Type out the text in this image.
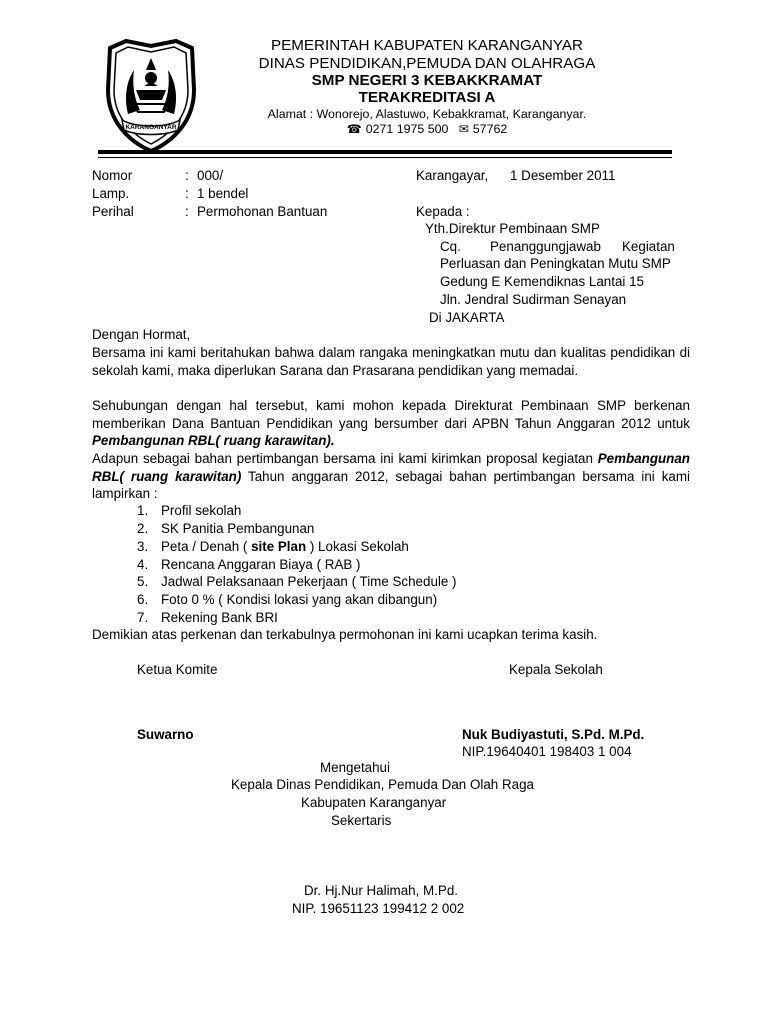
KARANGANYAR
PEMERINTAH KABUPATEN KARANGANYAR
DINAS PENDIDIKAN,PEMUDA DAN OLAHRAGA
SMP NEGERI 3 KEBAKKRAMAT
TERAKREDITASI A
Alamat : Wonorejo, Alastuwo, Kebakkramat, Karanganyar.
☎ 0271 1975 500 ✉ 57762
Nomor	: 000/
Lamp.	: 1 bendel
Perihal	: Permohonan Bantuan
Karangayar, 1 Desember 2011
Kepada :
Yth.Direktur Pembinaan SMP
Cq. Penanggungjawab Kegiatan
Perluasan dan Peningkatan Mutu SMP
Gedung E Kemendiknas Lantai 15
Jln. Jendral Sudirman Senayan
Di JAKARTA
Dengan Hormat,
Bersama ini kami beritahukan bahwa dalam rangaka meningkatkan mutu dan kualitas pendidikan di sekolah kami, maka diperlukan Sarana dan Prasarana pendidikan yang memadai.
Sehubungan dengan hal tersebut, kami mohon kepada Direkturat Pembinaan SMP berkenan memberikan Dana Bantuan Pendidikan yang bersumber dari APBN Tahun Anggaran 2012 untuk Pembangunan RBL( ruang karawitan).
Adapun sebagai bahan pertimbangan bersama ini kami kirimkan proposal kegiatan Pembangunan RBL( ruang karawitan) Tahun anggaran 2012, sebagai bahan pertimbangan bersama ini kami lampirkan :
1. Profil sekolah
2. SK Panitia Pembangunan
3. Peta / Denah ( site Plan ) Lokasi Sekolah
4. Rencana Anggaran Biaya ( RAB )
5. Jadwal Pelaksanaan Pekerjaan ( Time Schedule )
6. Foto 0 % ( Kondisi lokasi yang akan dibangun)
7. Rekening Bank BRI
Demikian atas perkenan dan terkabulnya permohonan ini kami ucapkan terima kasih.
Ketua Komite	Kepala Sekolah
Suwarno	Nuk Budiyastuti, S.Pd. M.Pd.
NIP.19640401 198403 1 004
Mengetahui
Kepala Dinas Pendidikan, Pemuda Dan Olah Raga
Kabupaten Karanganyar
Sekertaris
Dr. Hj.Nur Halimah, M.Pd.
NIP. 19651123 199412 2 002
